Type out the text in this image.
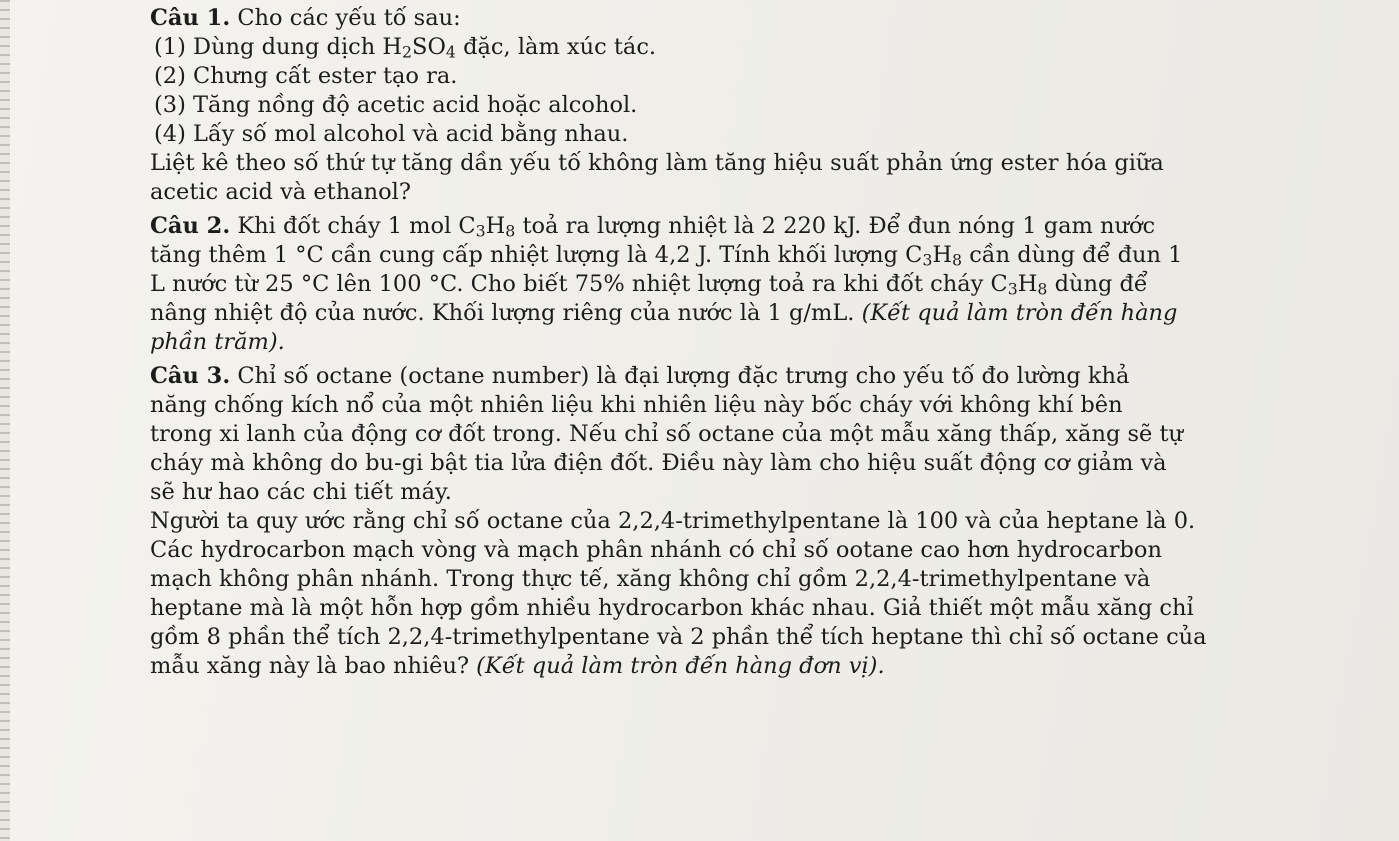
Câu 1. Cho các yếu tố sau:
(1) Dùng dung dịch $H_2SO_4$ đặc, làm xúc tác.
(2) Chưng cất ester tạo ra.
(3) Tăng nồng độ acetic acid hoặc alcohol.
(4) Lấy số mol alcohol và acid bằng nhau.
Liệt kê theo số thứ tự tăng dần yếu tố không làm tăng hiệu suất phản ứng ester hóa giữa
acetic acid và ethanol?
Câu 2. Khi đốt cháy 1 mol $C_3H_8$ toả ra lượng nhiệt là 2 220 kJ. Để đun nóng 1 gam nước
tăng thêm 1 °C cần cung cấp nhiệt lượng là 4,2 J. Tính khối lượng $C_3H_8$ cần dùng để đun 1
L nước từ 25 °C lên 100 °C. Cho biết 75% nhiệt lượng toả ra khi đốt cháy $C_3H_8$ dùng để
nâng nhiệt độ của nước. Khối lượng riêng của nước là 1 g/mL. (Kết quả làm tròn đến hàng
phần trăm).
Câu 3. Chỉ số octane (octane number) là đại lượng đặc trưng cho yếu tố đo lường khả
năng chống kích nổ của một nhiên liệu khi nhiên liệu này bốc cháy với không khí bên
trong xi lanh của động cơ đốt trong. Nếu chỉ số octane của một mẫu xăng thấp, xăng sẽ tự
cháy mà không do bu-gi bật tia lửa điện đốt. Điều này làm cho hiệu suất động cơ giảm và
sẽ hư hao các chi tiết máy.
Người ta quy ước rằng chỉ số octane của 2,2,4-trimethylpentane là 100 và của heptane là 0.
Các hydrocarbon mạch vòng và mạch phân nhánh có chỉ số ootane cao hơn hydrocarbon
mạch không phân nhánh. Trong thực tế, xăng không chỉ gồm 2,2,4-trimethylpentane và
heptane mà là một hỗn hợp gồm nhiều hydrocarbon khác nhau. Giả thiết một mẫu xăng chỉ
gồm 8 phần thể tích 2,2,4-trimethylpentane và 2 phần thể tích heptane thì chỉ số octane của
mẫu xăng này là bao nhiêu? (Kết quả làm tròn đến hàng đơn vị).
